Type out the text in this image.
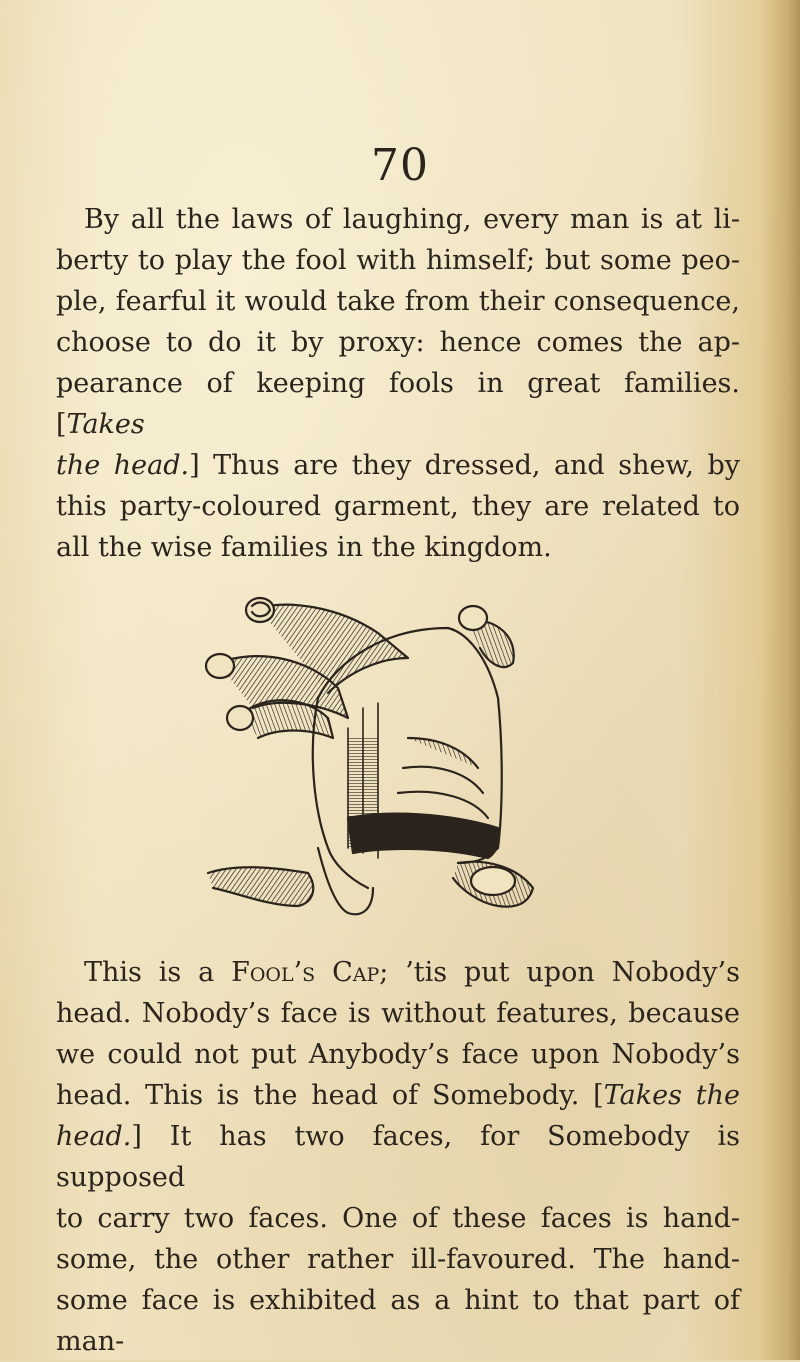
70
By all the laws of laughing, every man is at li-
berty to play the fool with himself; but some peo-
ple, fearful it would take from their consequence,
choose to do it by proxy: hence comes the ap-
pearance of keeping fools in great families. [Takes
the head.] Thus are they dressed, and shew, by
this party-coloured garment, they are related to
all the wise families in the kingdom.
This is a Fool’s Cap; ’tis put upon Nobody’s
head. Nobody’s face is without features, because
we could not put Anybody’s face upon Nobody’s
head. This is the head of Somebody. [Takes the
head.] It has two faces, for Somebody is supposed
to carry two faces. One of these faces is hand-
some, the other rather ill-favoured. The hand-
some face is exhibited as a hint to that part of man-
